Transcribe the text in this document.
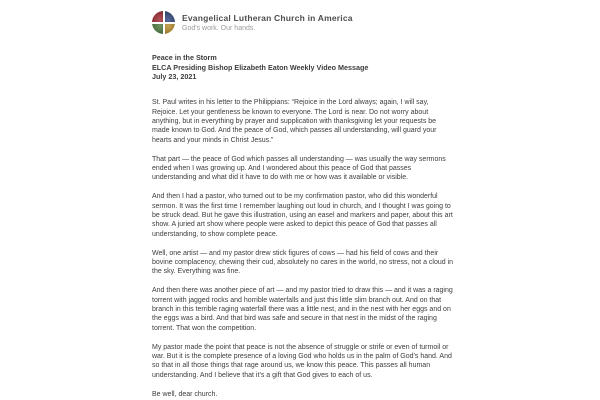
Evangelical Lutheran Church in America
God's work. Our hands.
Peace in the Storm
ELCA Presiding Bishop Elizabeth Eaton Weekly Video Message
July 23, 2021

St. Paul writes in his letter to the Philippians: “Rejoice in the Lord always; again, I will say, Rejoice. Let your gentleness be known to everyone. The Lord is near. Do not worry about anything, but in everything by prayer and supplication with thanksgiving let your requests be made known to God. And the peace of God, which passes all understanding, will guard your hearts and your minds in Christ Jesus.”

That part — the peace of God which passes all understanding — was usually the way sermons ended when I was growing up. And I wondered about this peace of God that passes understanding and what did it have to do with me or how was it available or visible.

And then I had a pastor, who turned out to be my confirmation pastor, who did this wonderful sermon. It was the first time I remember laughing out loud in church, and I thought I was going to be struck dead. But he gave this illustration, using an easel and markers and paper, about this art show. A juried art show where people were asked to depict this peace of God that passes all understanding, to show complete peace.

Well, one artist — and my pastor drew stick figures of cows — had his field of cows and their bovine complacency, chewing their cud, absolutely no cares in the world, no stress, not a cloud in the sky. Everything was fine.

And then there was another piece of art — and my pastor tried to draw this — and it was a raging torrent with jagged rocks and horrible waterfalls and just this little slim branch out. And on that branch in this terrible raging waterfall there was a little nest, and in the nest with her eggs and on the eggs was a bird. And that bird was safe and secure in that nest in the midst of the raging torrent. That won the competition.

My pastor made the point that peace is not the absence of struggle or strife or even of turmoil or war. But it is the complete presence of a loving God who holds us in the palm of God’s hand. And so that in all those things that rage around us, we know this peace. This passes all human understanding. And I believe that it’s a gift that God gives to each of us.

Be well, dear church.
